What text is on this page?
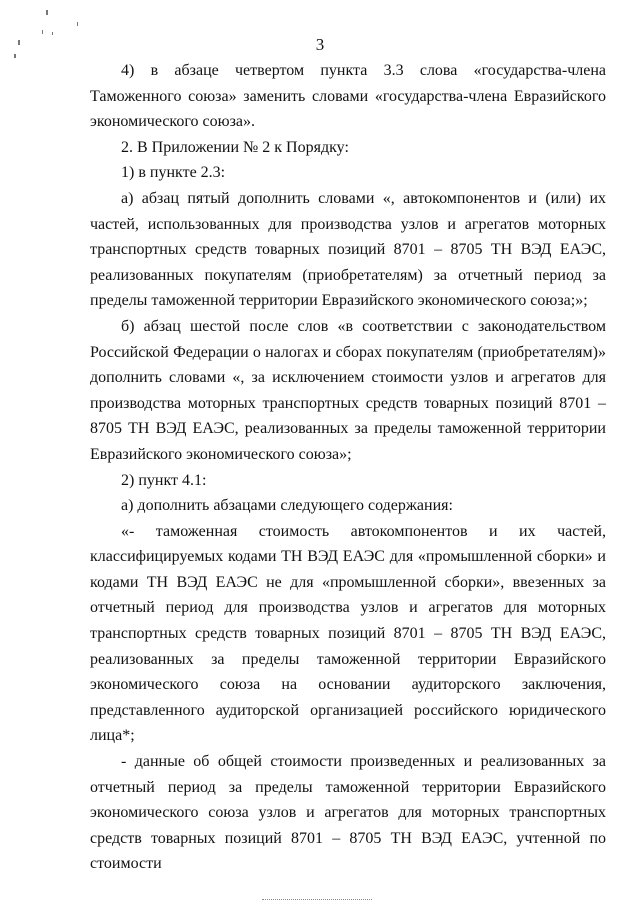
3

4) в абзаце четвертом пункта 3.3 слова «государства-члена Таможенного союза» заменить словами «государства-члена Евразийского экономического союза».

2. В Приложении № 2 к Порядку:

1) в пункте 2.3:

а) абзац пятый дополнить словами «, автокомпонентов и (или) их частей, использованных для производства узлов и агрегатов моторных транспортных средств товарных позиций 8701 – 8705 ТН ВЭД ЕАЭС, реализованных покупателям (приобретателям) за отчетный период за пределы таможенной территории Евразийского экономического союза;»;

б) абзац шестой после слов «в соответствии с законодательством Российской Федерации о налогах и сборах покупателям (приобретателям)» дополнить словами «, за исключением стоимости узлов и агрегатов для производства моторных транспортных средств товарных позиций 8701 – 8705 ТН ВЭД ЕАЭС, реализованных за пределы таможенной территории Евразийского экономического союза»;

2) пункт 4.1:

а) дополнить абзацами следующего содержания:

«- таможенная стоимость автокомпонентов и их частей, классифицируемых кодами ТН ВЭД ЕАЭС для «промышленной сборки» и кодами ТН ВЭД ЕАЭС не для «промышленной сборки», ввезенных за отчетный период для производства узлов и агрегатов для моторных транспортных средств товарных позиций 8701 – 8705 ТН ВЭД ЕАЭС, реализованных за пределы таможенной территории Евразийского экономического союза на основании аудиторского заключения, представленного аудиторской организацией российского юридического лица*;

- данные об общей стоимости произведенных и реализованных за отчетный период за пределы таможенной территории Евразийского экономического союза узлов и агрегатов для моторных транспортных средств товарных позиций 8701 – 8705 ТН ВЭД ЕАЭС, учтенной по стоимости
